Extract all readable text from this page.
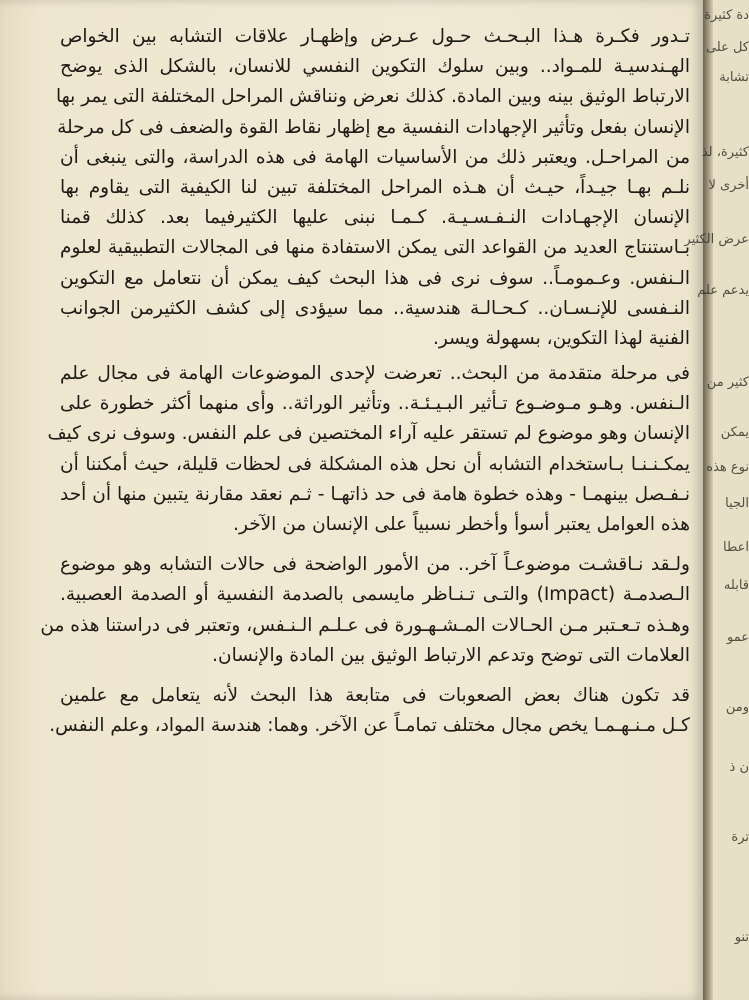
تـدور فكـرة هـذا البـحـث حـول عـرض وإظهـار علاقات التشابه بين الخواص
الهـندسيـة للمـواد.. وبين سلوك التكوين النفسي للانسان، بالشكل الذى يوضح
الارتباط الوثيق بينه وبين المادة. كذلك نعرض ونناقش المراحل المختلفة التى يمر بها
الإنسان بفعل وتأثير الإجهادات النفسية مع إظهار نقاط القوة والضعف فى كل مرحلة
من المراحـل. ويعتبر ذلك من الأساسيات الهامة فى هذه الدراسة، والتى ينبغى أن
نلـم بهـا جيـداً، حيـث أن هـذه المراحل المختلفة تبين لنا الكيفية التى يقاوم بها
الإنسان الإجهـادات النـفـسـيـة. كـمـا نبنى عليها الكثيرفيما بعد. كذلك قمنا
بـاستنتاج العديد من القواعد التى يمكن الاستفادة منها فى المجالات التطبيقية لعلوم
الـنفس. وعـمومـاً.. سوف نرى فى هذا البحث كيف يمكن أن نتعامل مع التكوين
النـفسى للإنـسـان.. كـحـالـة هندسية.. مما سيؤدى إلى كشف الكثيرمن الجوانب
الفنية لهذا التكوين، بسهولة ويسر.
فى مرحلة متقدمة من البحث.. تعرضت لإحدى الموضوعات الهامة فى مجال علم
الـنفس. وهـو مـوضـوع تـأثير البـيـئـة.. وتأثير الوراثة.. وأى منهما أكثر خطورة على
الإنسان وهو موضوع لم تستقر عليه آراء المختصين فى علم النفس. وسوف نرى كيف
يمكـنـنـا بـاستخدام التشابه أن نحل هذه المشكلة فى لحظات قليلة، حيث أمكننا أن
نـفـصل بينهمـا - وهذه خطوة هامة فى حد ذاتهـا - ثـم نعقد مقارنة يتبين منها أن أحد
هذه العوامل يعتبر أسوأ وأخطر نسبياً على الإنسان من الآخر.
ولـقد نـاقشـت موضوعـاً آخر.. من الأمور الواضحة فى حالات التشابه وهو موضوع
الـصدمـة (Impact) والتـى تـنـاظر مايسمى بالصدمة النفسية أو الصدمة العصبية.
وهـذه تـعـتبر مـن الحـالات المـشـهـورة فى عـلـم الـنـفس، وتعتبر فى دراستنا هذه من
العلامات التى توضح وتدعم الارتباط الوثيق بين المادة والإنسان.
قد تكون هناك بعض الصعوبات فى متابعة هذا البحث لأنه يتعامل مع علمين
كـل مـنـهـمـا يخص مجال مختلف تمامـاً عن الآخر. وهما: هندسة المواد، وعلم النفس.
دة كثيرة
كل على
تشابة
كثيرة، لذ
أخرى لا
عرض الكثير
يدعم علم
كثير من
يمكن
نوع هذه
الجيا
اعطا
قابله
عمو
ومن
ن ذ
ترة
تنو
